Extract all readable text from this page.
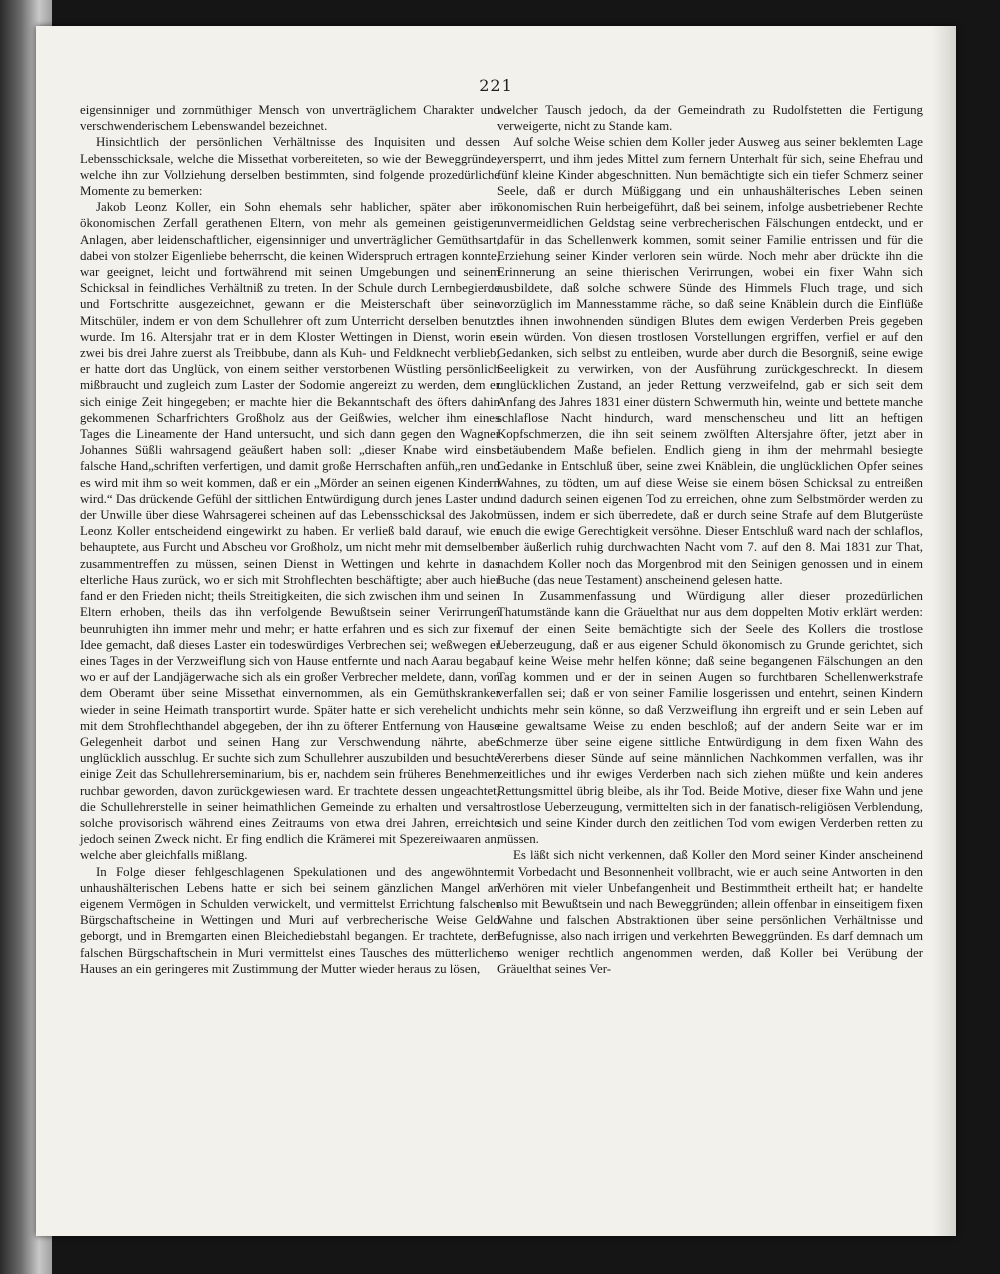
221

eigensinniger und zornmüthiger Mensch von unverträglichem Charakter und verschwenderischem Lebenswandel bezeichnet.

Hinsichtlich der persönlichen Verhältnisse des Inquisiten und dessen Lebensschicksale, welche die Missethat vorbereiteten, so wie der Beweggründe, welche ihn zur Vollziehung derselben bestimmten, sind folgende prozedürliche Momente zu bemerken:

Jakob Leonz Koller, ein Sohn ehemals sehr hablicher, später aber in ökonomischen Zerfall gerathenen Eltern, von mehr als gemeinen geistigen Anlagen, aber leidenschaftlicher, eigensinniger und unverträglicher Gemüthsart, dabei von stolzer Eigenliebe beherrscht, die keinen Widerspruch ertragen konnte, war geeignet, leicht und fortwährend mit seinen Umgebungen und seinem Schicksal in feindliches Verhältniß zu treten. In der Schule durch Lernbegierde und Fortschritte ausgezeichnet, gewann er die Meisterschaft über seine Mitschüler, indem er von dem Schullehrer oft zum Unterricht derselben benutzt wurde. Im 16. Altersjahr trat er in dem Kloster Wettingen in Dienst, worin er zwei bis drei Jahre zuerst als Treibbube, dann als Kuh- und Feldknecht verblieb; er hatte dort das Unglück, von einem seither verstorbenen Wüstling persönlich mißbraucht und zugleich zum Laster der Sodomie angereizt zu werden, dem er sich einige Zeit hingegeben; er machte hier die Bekanntschaft des öfters dahin gekommenen Scharfrichters Großholz aus der Geißwies, welcher ihm eines Tages die Lineamente der Hand untersucht, und sich dann gegen den Wagner Johannes Süßli wahrsagend geäußert haben soll: „dieser Knabe wird einst falsche Hand„schriften verfertigen, und damit große Herrschaften anfüh„ren und es wird mit ihm so weit kommen, daß er ein „Mörder an seinen eigenen Kindern wird.“ Das drückende Gefühl der sittlichen Entwürdigung durch jenes Laster und der Unwille über diese Wahrsagerei scheinen auf das Lebensschicksal des Jakob Leonz Koller entscheidend eingewirkt zu haben. Er verließ bald darauf, wie er behauptete, aus Furcht und Abscheu vor Großholz, um nicht mehr mit demselben zusammentreffen zu müssen, seinen Dienst in Wettingen und kehrte in das elterliche Haus zurück, wo er sich mit Strohflechten beschäftigte; aber auch hier fand er den Frieden nicht; theils Streitigkeiten, die sich zwischen ihm und seinen Eltern erhoben, theils das ihn verfolgende Bewußtsein seiner Verirrungen beunruhigten ihn immer mehr und mehr; er hatte erfahren und es sich zur fixen Idee gemacht, daß dieses Laster ein todeswürdiges Verbrechen sei; weßwegen er eines Tages in der Verzweiflung sich von Hause entfernte und nach Aarau begab, wo er auf der Landjägerwache sich als ein großer Verbrecher meldete, dann, von dem Oberamt über seine Missethat einvernommen, als ein Gemüthskranker wieder in seine Heimath transportirt wurde. Später hatte er sich verehelicht und mit dem Strohflechthandel abgegeben, der ihn zu öfterer Entfernung von Hause Gelegenheit darbot und seinen Hang zur Verschwendung nährte, aber unglücklich ausschlug. Er suchte sich zum Schullehrer auszubilden und besuchte einige Zeit das Schullehrerseminarium, bis er, nachdem sein früheres Benehmen ruchbar geworden, davon zurückgewiesen ward. Er trachtete dessen ungeachtet, die Schullehrerstelle in seiner heimathlichen Gemeinde zu erhalten und versah solche provisorisch während eines Zeitraums von etwa drei Jahren, erreichte jedoch seinen Zweck nicht. Er fing endlich die Krämerei mit Spezereiwaaren an, welche aber gleichfalls mißlang.

In Folge dieser fehlgeschlagenen Spekulationen und des angewöhnten unhaushälterischen Lebens hatte er sich bei seinem gänzlichen Mangel an eigenem Vermögen in Schulden verwickelt, und vermittelst Errichtung falscher Bürgschaftscheine in Wettingen und Muri auf verbrecherische Weise Geld geborgt, und in Bremgarten einen Bleichediebstahl begangen. Er trachtete, den falschen Bürgschaftschein in Muri vermittelst eines Tausches des mütterlichen Hauses an ein geringeres mit Zustimmung der Mutter wieder heraus zu lösen,

welcher Tausch jedoch, da der Gemeindrath zu Rudolfstetten die Fertigung verweigerte, nicht zu Stande kam.

Auf solche Weise schien dem Koller jeder Ausweg aus seiner beklemten Lage versperrt, und ihm jedes Mittel zum fernern Unterhalt für sich, seine Ehefrau und fünf kleine Kinder abgeschnitten. Nun bemächtigte sich ein tiefer Schmerz seiner Seele, daß er durch Müßiggang und ein unhaushälterisches Leben seinen ökonomischen Ruin herbeigeführt, daß bei seinem, infolge ausbetriebener Rechte unvermeidlichen Geldstag seine verbrecherischen Fälschungen entdeckt, und er dafür in das Schellenwerk kommen, somit seiner Familie entrissen und für die Erziehung seiner Kinder verloren sein würde. Noch mehr aber drückte ihn die Erinnerung an seine thierischen Verirrungen, wobei ein fixer Wahn sich ausbildete, daß solche schwere Sünde des Himmels Fluch trage, und sich vorzüglich im Mannesstamme räche, so daß seine Knäblein durch die Einflüße des ihnen inwohnenden sündigen Blutes dem ewigen Verderben Preis gegeben sein würden. Von diesen trostlosen Vorstellungen ergriffen, verfiel er auf den Gedanken, sich selbst zu entleiben, wurde aber durch die Besorgniß, seine ewige Seeligkeit zu verwirken, von der Ausführung zurückgeschreckt. In diesem unglücklichen Zustand, an jeder Rettung verzweifelnd, gab er sich seit dem Anfang des Jahres 1831 einer düstern Schwermuth hin, weinte und bettete manche schlaflose Nacht hindurch, ward menschenscheu und litt an heftigen Kopfschmerzen, die ihn seit seinem zwölften Altersjahre öfter, jetzt aber in betäubendem Maße befielen. Endlich gieng in ihm der mehrmahl besiegte Gedanke in Entschluß über, seine zwei Knäblein, die unglücklichen Opfer seines Wahnes, zu tödten, um auf diese Weise sie einem bösen Schicksal zu entreißen und dadurch seinen eigenen Tod zu erreichen, ohne zum Selbstmörder werden zu müssen, indem er sich überredete, daß er durch seine Strafe auf dem Blutgerüste auch die ewige Gerechtigkeit versöhne. Dieser Entschluß ward nach der schlaflos, aber äußerlich ruhig durchwachten Nacht vom 7. auf den 8. Mai 1831 zur That, nachdem Koller noch das Morgenbrod mit den Seinigen genossen und in einem Buche (das neue Testament) anscheinend gelesen hatte.

In Zusammenfassung und Würdigung aller dieser prozedürlichen Thatumstände kann die Gräuelthat nur aus dem doppelten Motiv erklärt werden: auf der einen Seite bemächtigte sich der Seele des Kollers die trostlose Ueberzeugung, daß er aus eigener Schuld ökonomisch zu Grunde gerichtet, sich auf keine Weise mehr helfen könne; daß seine begangenen Fälschungen an den Tag kommen und er der in seinen Augen so furchtbaren Schellenwerkstrafe verfallen sei; daß er von seiner Familie losgerissen und entehrt, seinen Kindern nichts mehr sein könne, so daß Verzweiflung ihn ergreift und er sein Leben auf eine gewaltsame Weise zu enden beschloß; auf der andern Seite war er im Schmerze über seine eigene sittliche Entwürdigung in dem fixen Wahn des Vererbens dieser Sünde auf seine männlichen Nachkommen verfallen, was ihr zeitliches und ihr ewiges Verderben nach sich ziehen müßte und kein anderes Rettungsmittel übrig bleibe, als ihr Tod. Beide Motive, dieser fixe Wahn und jene trostlose Ueberzeugung, vermittelten sich in der fanatisch-religiösen Verblendung, sich und seine Kinder durch den zeitlichen Tod vom ewigen Verderben retten zu müssen.

Es läßt sich nicht verkennen, daß Koller den Mord seiner Kinder anscheinend mit Vorbedacht und Besonnenheit vollbracht, wie er auch seine Antworten in den Verhören mit vieler Unbefangenheit und Bestimmtheit ertheilt hat; er handelte also mit Bewußtsein und nach Beweggründen; allein offenbar in einseitigem fixen Wahne und falschen Abstraktionen über seine persönlichen Verhältnisse und Befugnisse, also nach irrigen und verkehrten Beweggründen. Es darf demnach um so weniger rechtlich angenommen werden, daß Koller bei Verübung der Gräuelthat seines Ver-
